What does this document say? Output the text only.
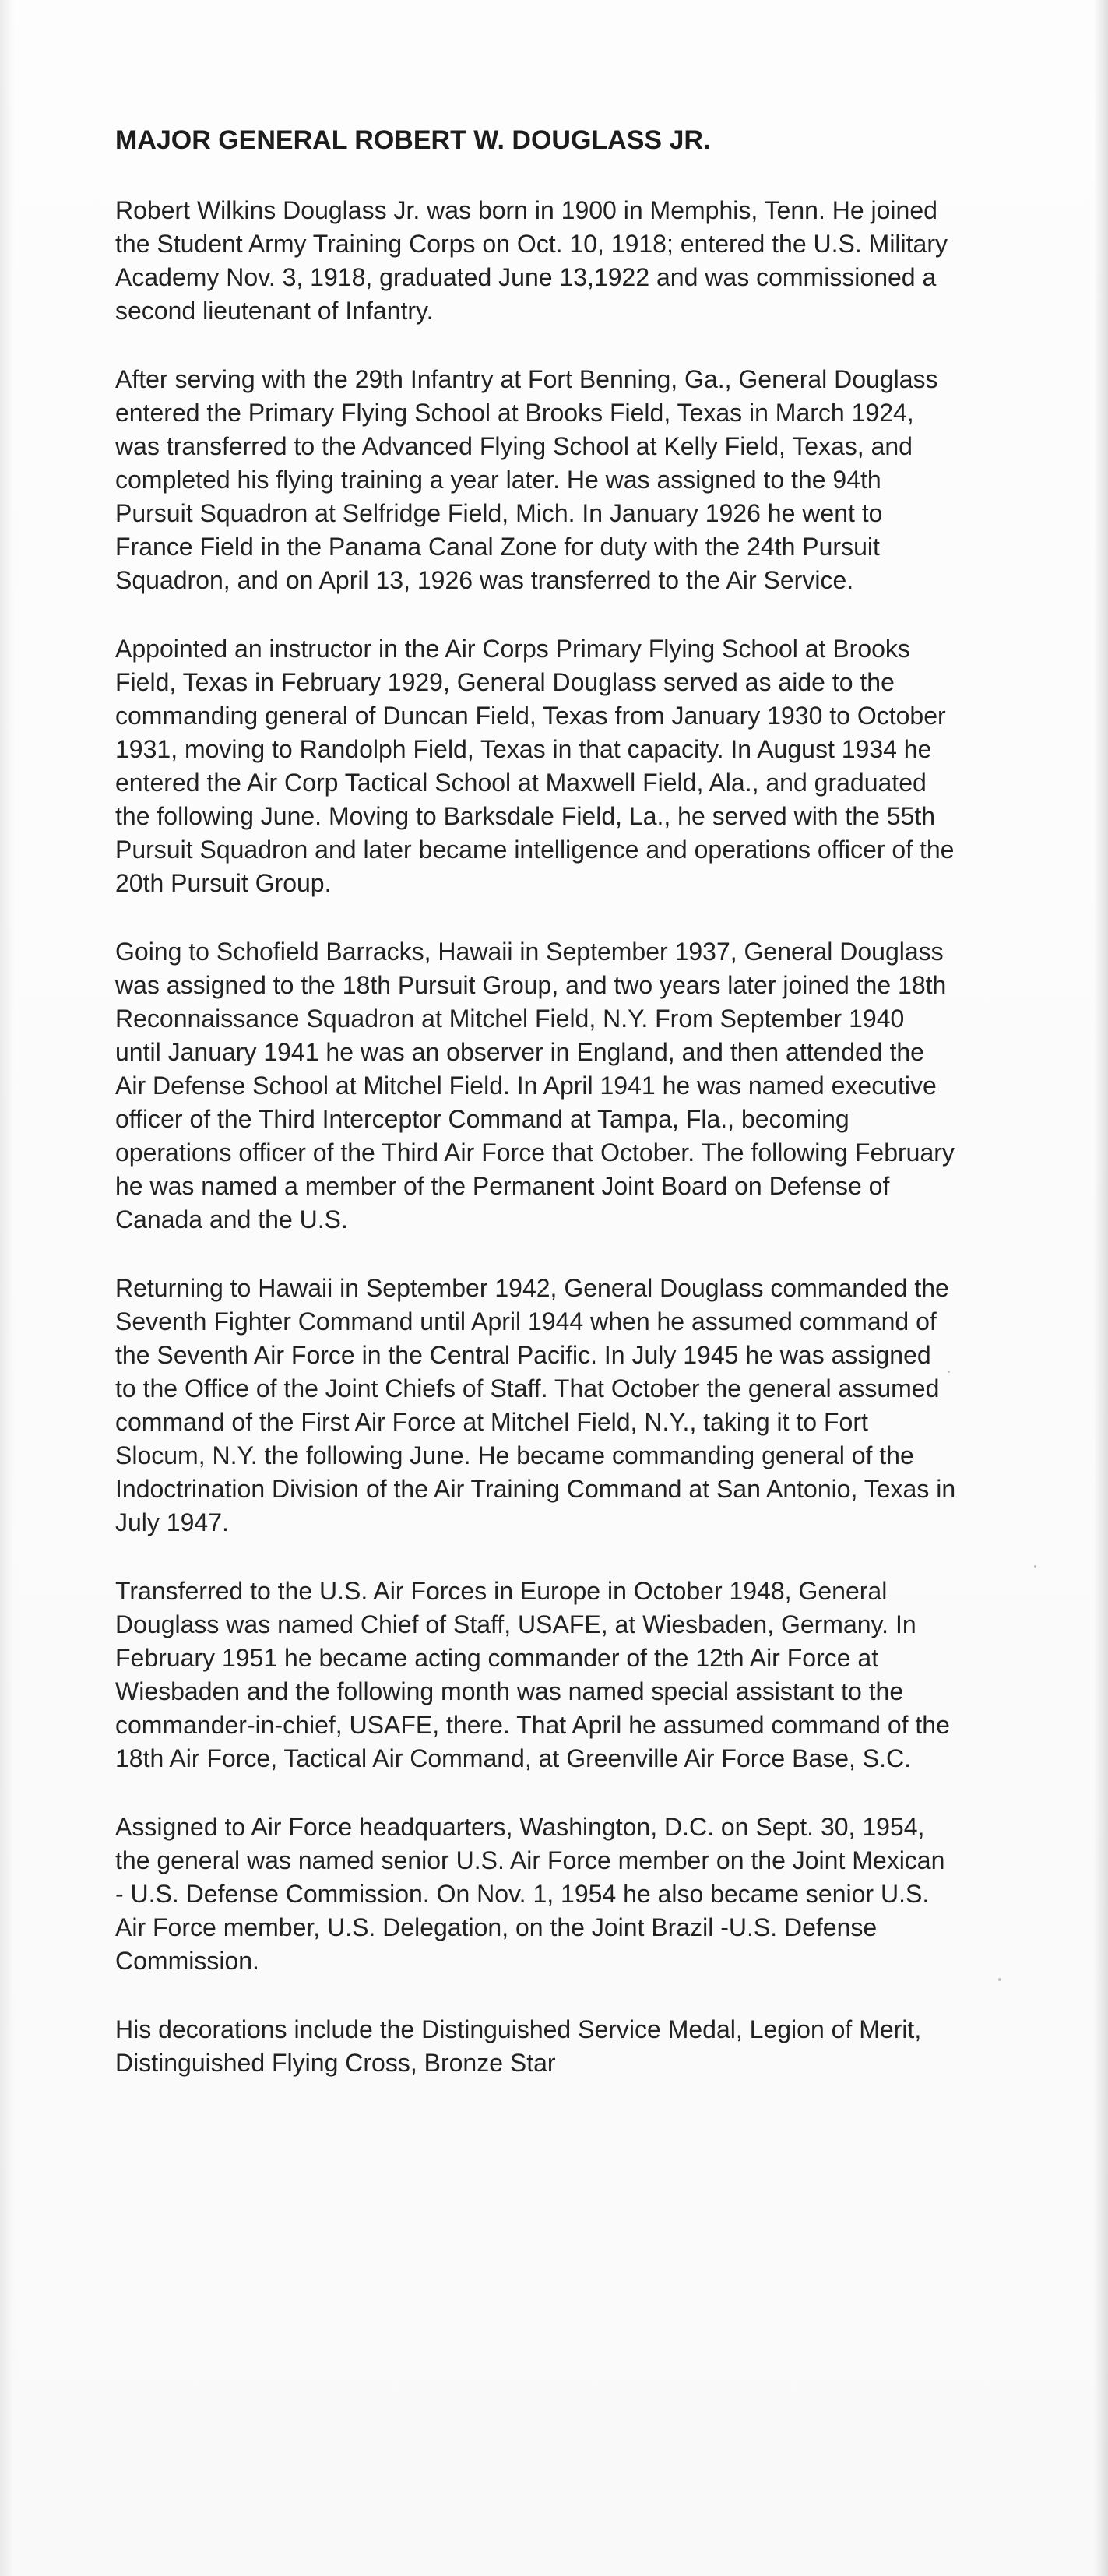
MAJOR GENERAL ROBERT W. DOUGLASS JR.

Robert Wilkins Douglass Jr. was born in 1900 in Memphis, Tenn. He joined the Student Army Training Corps on Oct. 10, 1918; entered the U.S. Military Academy Nov. 3, 1918, graduated June 13,1922 and was commissioned a second lieutenant of Infantry.

After serving with the 29th Infantry at Fort Benning, Ga., General Douglass entered the Primary Flying School at Brooks Field, Texas in March 1924, was transferred to the Advanced Flying School at Kelly Field, Texas, and completed his flying training a year later. He was assigned to the 94th Pursuit Squadron at Selfridge Field, Mich. In January 1926 he went to France Field in the Panama Canal Zone for duty with the 24th Pursuit Squadron, and on April 13, 1926 was transferred to the Air Service.

Appointed an instructor in the Air Corps Primary Flying School at Brooks Field, Texas in February 1929, General Douglass served as aide to the commanding general of Duncan Field, Texas from January 1930 to October 1931, moving to Randolph Field, Texas in that capacity. In August 1934 he entered the Air Corp Tactical School at Maxwell Field, Ala., and graduated the following June. Moving to Barksdale Field, La., he served with the 55th Pursuit Squadron and later became intelligence and operations officer of the 20th Pursuit Group.

Going to Schofield Barracks, Hawaii in September 1937, General Douglass was assigned to the 18th Pursuit Group, and two years later joined the 18th Reconnaissance Squadron at Mitchel Field, N.Y. From September 1940 until January 1941 he was an observer in England, and then attended the Air Defense School at Mitchel Field. In April 1941 he was named executive officer of the Third Interceptor Command at Tampa, Fla., becoming operations officer of the Third Air Force that October. The following February he was named a member of the Permanent Joint Board on Defense of Canada and the U.S.

Returning to Hawaii in September 1942, General Douglass commanded the Seventh Fighter Command until April 1944 when he assumed command of the Seventh Air Force in the Central Pacific. In July 1945 he was assigned to the Office of the Joint Chiefs of Staff. That October the general assumed command of the First Air Force at Mitchel Field, N.Y., taking it to Fort Slocum, N.Y. the following June. He became commanding general of the Indoctrination Division of the Air Training Command at San Antonio, Texas in July 1947.

Transferred to the U.S. Air Forces in Europe in October 1948, General Douglass was named Chief of Staff, USAFE, at Wiesbaden, Germany. In February 1951 he became acting commander of the 12th Air Force at Wiesbaden and the following month was named special assistant to the commander-in-chief, USAFE, there. That April he assumed command of the 18th Air Force, Tactical Air Command, at Greenville Air Force Base, S.C.

Assigned to Air Force headquarters, Washington, D.C. on Sept. 30, 1954, the general was named senior U.S. Air Force member on the Joint Mexican - U.S. Defense Commission. On Nov. 1, 1954 he also became senior U.S. Air Force member, U.S. Delegation, on the Joint Brazil -U.S. Defense Commission.

His decorations include the Distinguished Service Medal, Legion of Merit, Distinguished Flying Cross, Bronze Star
